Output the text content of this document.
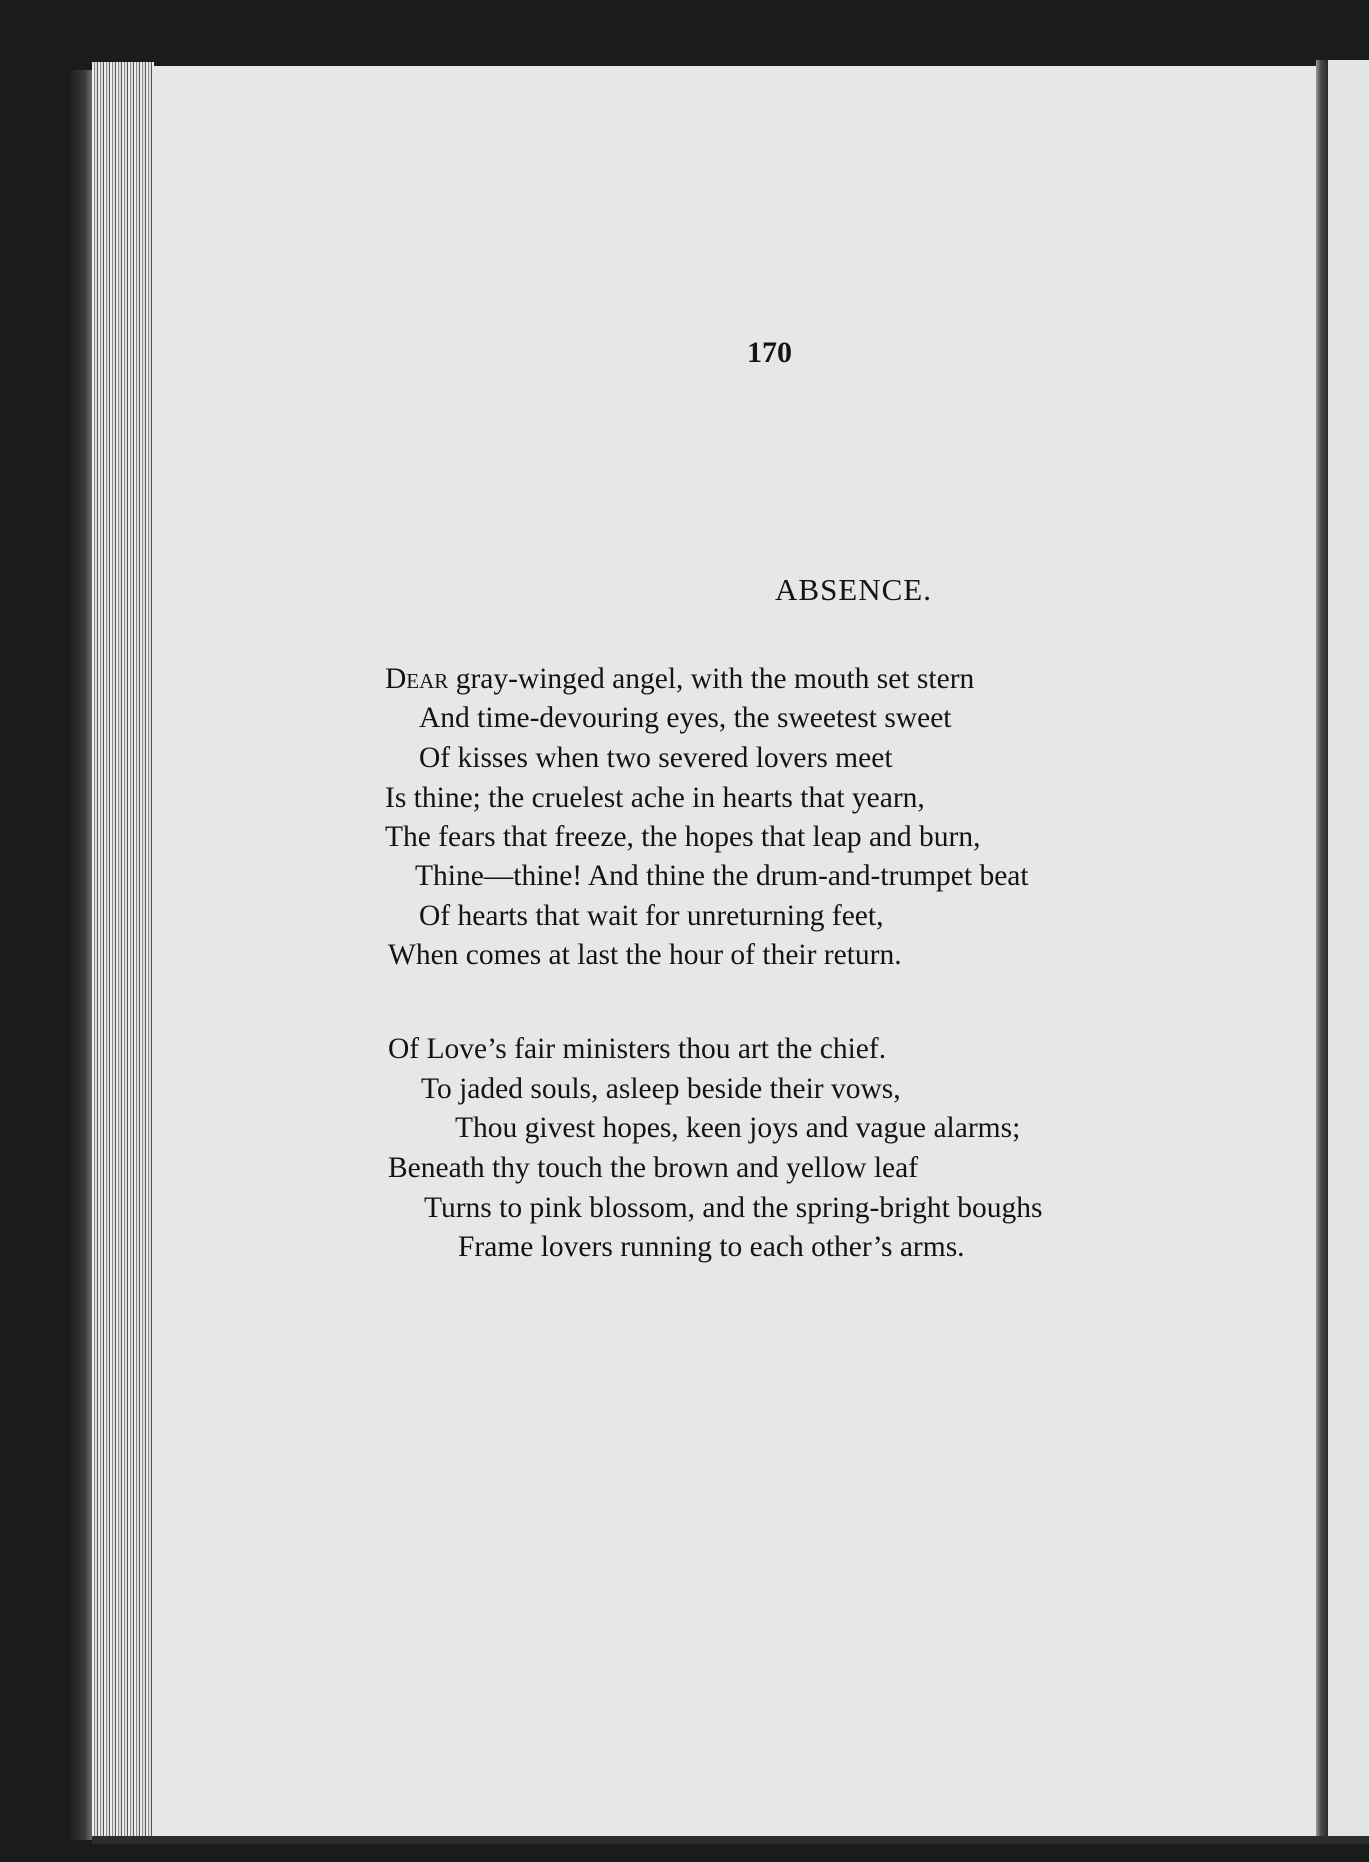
170

ABSENCE.

Dear gray-winged angel, with the mouth set stern

And time-devouring eyes, the sweetest sweet

Of kisses when two severed lovers meet

Is thine; the cruelest ache in hearts that yearn,

The fears that freeze, the hopes that leap and burn,

Thine—thine! And thine the drum-and-trumpet beat

Of hearts that wait for unreturning feet,

When comes at last the hour of their return.

Of Love’s fair ministers thou art the chief.

To jaded souls, asleep beside their vows,

Thou givest hopes, keen joys and vague alarms;

Beneath thy touch the brown and yellow leaf

Turns to pink blossom, and the spring-bright boughs

Frame lovers running to each other’s arms.
